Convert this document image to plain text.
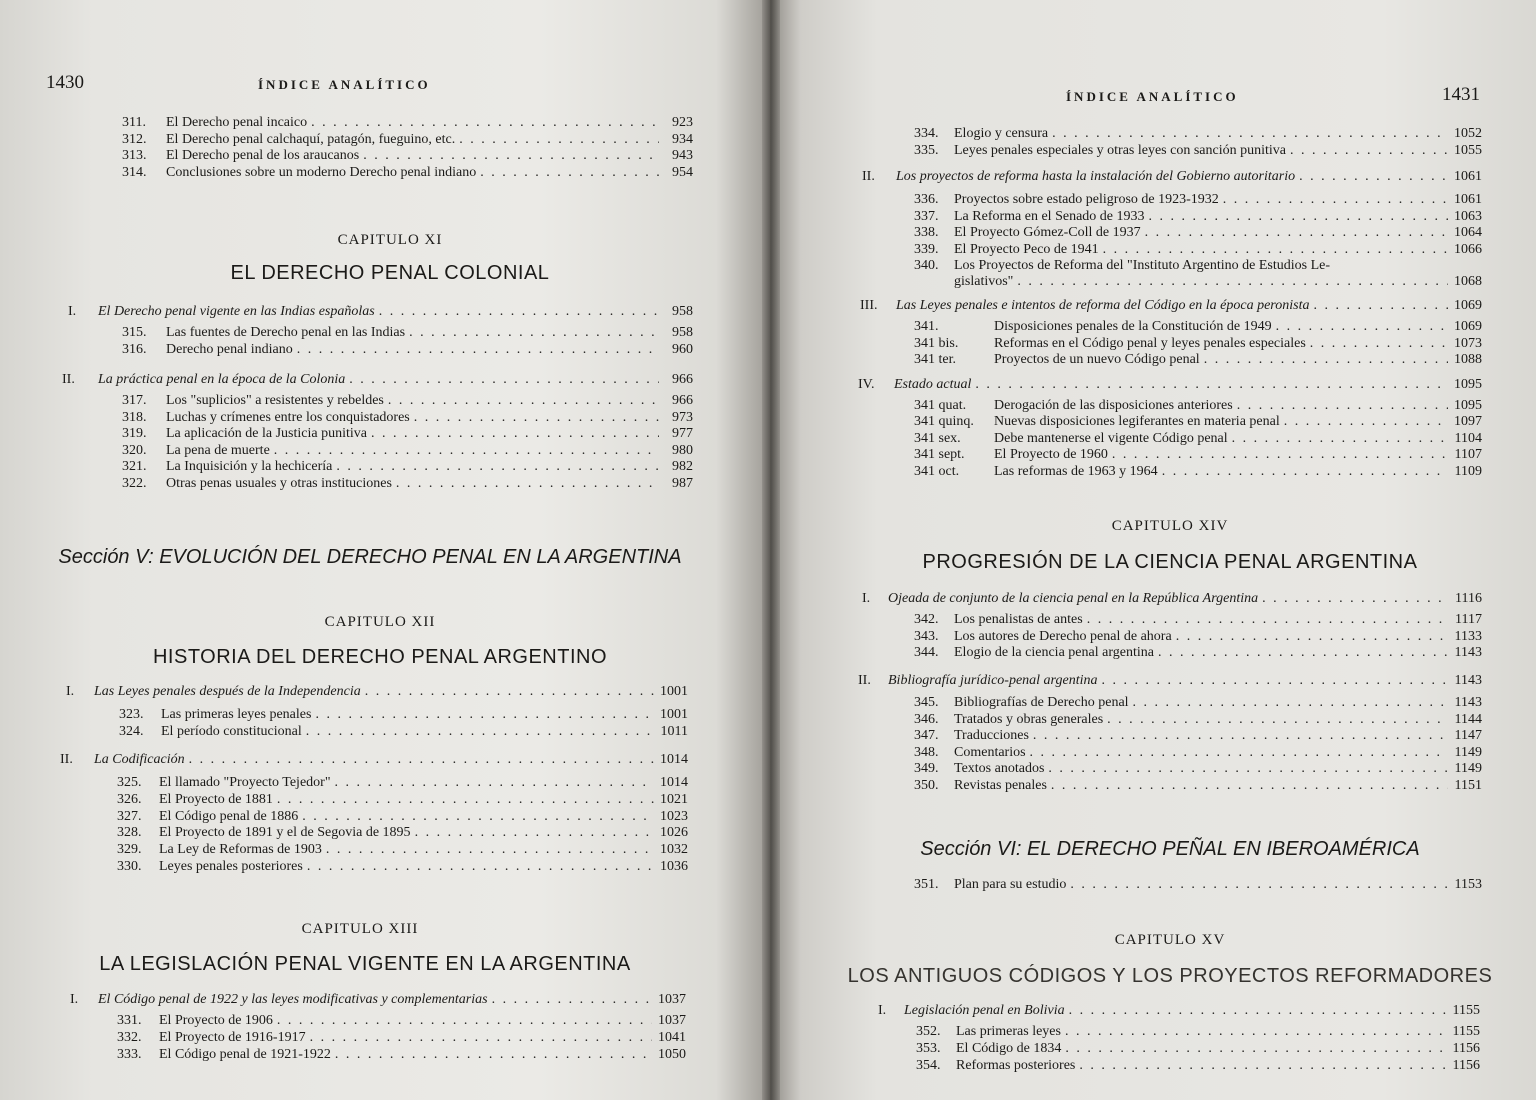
1430	ÍNDICE ANALÍTICO
311.	El Derecho penal incaico . . .	923
312.	El Derecho penal calchaquí, patagón, fueguino, etc. . . .	934
313.	El Derecho penal de los araucanos . . .	943
314.	Conclusiones sobre un moderno Derecho penal indiano . . .	954
CAPITULO XI
EL DERECHO PENAL COLONIAL
I.	El Derecho penal vigente en las Indias españolas . . .	958
315.	Las fuentes de Derecho penal en las Indias . . .	958
316.	Derecho penal indiano . . .	960
II.	La práctica penal en la época de la Colonia . . .	966
317.	Los "suplicios" a resistentes y rebeldes . . .	966
318.	Luchas y crímenes entre los conquistadores . . .	973
319.	La aplicación de la Justicia punitiva . . .	977
320.	La pena de muerte . . .	980
321.	La Inquisición y la hechicería . . .	982
322.	Otras penas usuales y otras instituciones . . .	987
Sección V: EVOLUCIÓN DEL DERECHO PENAL EN LA ARGENTINA
CAPITULO XII
HISTORIA DEL DERECHO PENAL ARGENTINO
I.	Las Leyes penales después de la Independencia . . .	1001
323.	Las primeras leyes penales . . .	1001
324.	El período constitucional . . .	1011
II.	La Codificación . . .	1014
325.	El llamado "Proyecto Tejedor" . . .	1014
326.	El Proyecto de 1881 . . .	1021
327.	El Código penal de 1886 . . .	1023
328.	El Proyecto de 1891 y el de Segovia de 1895 . . .	1026
329.	La Ley de Reformas de 1903 . . .	1032
330.	Leyes penales posteriores . . .	1036
CAPITULO XIII
LA LEGISLACIÓN PENAL VIGENTE EN LA ARGENTINA
I.	El Código penal de 1922 y las leyes modificativas y complementarias . . .	1037
331.	El Proyecto de 1906 . . .	1037
332.	El Proyecto de 1916-1917 . . .	1041
333.	El Código penal de 1921-1922 . . .	1050
ÍNDICE ANALÍTICO	1431
334.	Elogio y censura . . .	1052
335.	Leyes penales especiales y otras leyes con sanción punitiva . . .	1055
II.	Los proyectos de reforma hasta la instalación del Gobierno autoritario . . .	1061
336.	Proyectos sobre estado peligroso de 1923-1932 . . .	1061
337.	La Reforma en el Senado de 1933 . . .	1063
338.	El Proyecto Gómez-Coll de 1937 . . .	1064
339.	El Proyecto Peco de 1941 . . .	1066
340.	Los Proyectos de Reforma del "Instituto Argentino de Estudios Le-
gislativos" . . .	1068
III.	Las Leyes penales e intentos de reforma del Código en la época peronista . . .	1069
341.	Disposiciones penales de la Constitución de 1949 . . .	1069
341 bis.	Reformas en el Código penal y leyes penales especiales . . .	1073
341 ter.	Proyectos de un nuevo Código penal . . .	1088
IV.	Estado actual . . .	1095
341 quat.	Derogación de las disposiciones anteriores . . .	1095
341 quinq.	Nuevas disposiciones legiferantes en materia penal . . .	1097
341 sex.	Debe mantenerse el vigente Código penal . . .	1104
341 sept.	El Proyecto de 1960 . . .	1107
341 oct.	Las reformas de 1963 y 1964 . . .	1109
CAPITULO XIV
PROGRESIÓN DE LA CIENCIA PENAL ARGENTINA
I.	Ojeada de conjunto de la ciencia penal en la República Argentina . . .	1116
342.	Los penalistas de antes . . .	1117
343.	Los autores de Derecho penal de ahora . . .	1133
344.	Elogio de la ciencia penal argentina . . .	1143
II.	Bibliografía jurídico-penal argentina . . .	1143
345.	Bibliografías de Derecho penal . . .	1143
346.	Tratados y obras generales . . .	1144
347.	Traducciones . . .	1147
348.	Comentarios . . .	1149
349.	Textos anotados . . .	1149
350.	Revistas penales . . .	1151
Sección VI: EL DERECHO PEÑAL EN IBEROAMÉRICA
351.	Plan para su estudio . . .	1153
CAPITULO XV
LOS ANTIGUOS CÓDIGOS Y LOS PROYECTOS REFORMADORES
I.	Legislación penal en Bolivia . . .	1155
352.	Las primeras leyes . . .	1155
353.	El Código de 1834 . . .	1156
354.	Reformas posteriores . . .	1156
